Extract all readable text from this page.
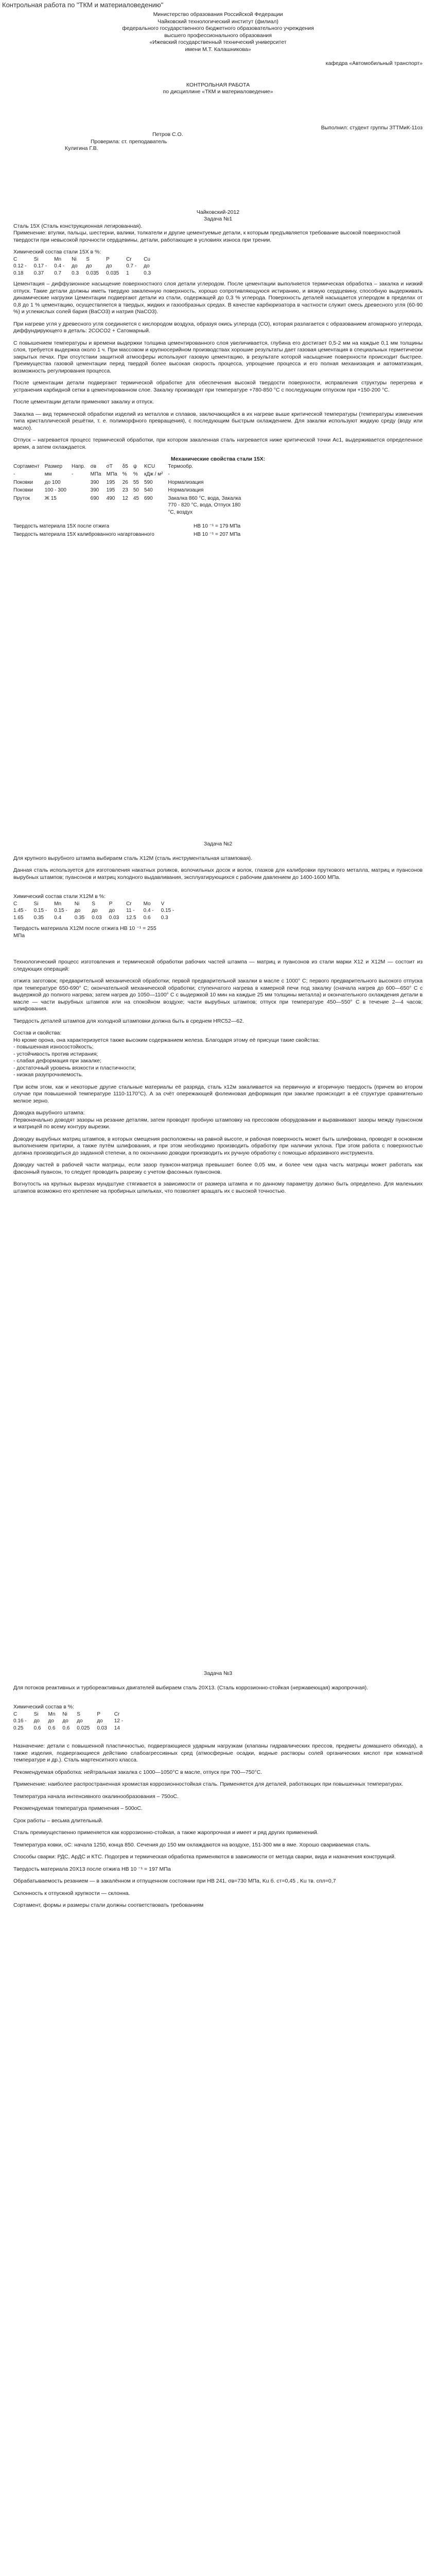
Контрольная работа по "ТКМ и материаловедению"
Министерство образования Российской Федерации
Чайковский технологический институт (филиал)
федерального государственного бюджетного образовательного учреждения
высшего профессионального образования
«Ижевский государственный технический университет
имени М.Т. Калашникова»
кафедра «Автомобильный транспорт»
КОНТРОЛЬНАЯ РАБОТА
по дисциплине «ТКМ и материаловедение»
Выполнил: студент группы ЗТТМиК-11оз
Петров С.О.
Проверила: ст. преподаватель
Кулигина Г.В.
Чайковский-2012
Задача №1
Сталь 15Х (Сталь конструкционная легированная).
Применение: втулки, пальцы, шестерни, валики, толкатели и другие цементуемые детали, к которым предъявляется требование высокой поверхностной твердости при невысокой прочности сердцевины, детали, работающие в условиях износа при трении.
Химический состав стали 15Х в %:
C	Si	Mn	Ni	S	P	Cr	Cu
0.12 -	0.17 -	0.4 -	до	до	до	0.7 -	до
0.18	0.37	0.7	0.3	0.035	0.035	1	0.3
Цементация – диффузионное насыщение поверхностного слоя детали углеродом. После цементации выполняется термическая обработка – закалка и низкий отпуск. Такие детали должны иметь твердую закаленную поверхность, хорошо сопротивляющуюся истиранию, и вязкую сердцевину, способную выдерживать динамические нагрузки Цементации подвергают детали из стали, содержащей до 0,3 % углерода. Поверхность деталей насыщается углеродом в пределах от 0,8 до 1 % цементацию, осуществляется в твердых, жидких и газообразных средах. В качестве карбюризатора в частности служит смесь древесного угля (60-90 %) и углекислых солей бария (BaCO3) и натрия (NaCO3).
При нагреве угля у древесного угля соединяется с кислородом воздуха, образуя окись углерода (CO), которая разлагается с образованием атомарного углерода, диффундирующего в деталь: 2COCO2 + Сатомарный.
С повышением температуры и времени выдержки толщина цементированного слоя увеличивается, глубина его достигает 0,5-2 мм на каждые 0,1 мм толщины слоя, требуется выдержка около 1 ч. При массовом и крупносерийном производствах хорошие результаты дает газовая цементация в специальных герметически закрытых печах. При отсутствии защитной атмосферы используют газовую цементацию, в результате которой насыщение поверхности происходит быстрее. Преимущества газовой цементации перед твердой более высокая скорость процесса, упрощение процесса и его полная механизация и автоматизация, возможность регулирования процесса.
После цементации детали подвергают термической обработке для обеспечения высокой твердости поверхности, исправления структуры перегрева и устранения карбидной сетки в цементированном слое. Закалку производят при температуре +780-850 °С с последующим отпуском при +150-200 °С.
После цементации детали применяют закалку и отпуск.
Закалка — вид термической обработки изделий из металлов и сплавов, заключающийся в их нагреве выше критической температуры (температуры изменения типа кристаллической решётки, т. е. полиморфного превращения), с последующим быстрым охлаждением. Для закалки используют жидкую среду (воду или масло).
Отпуск – нагревается процесс термической обработки, при котором закаленная сталь нагревается ниже критической точки Ac1, выдерживается определенное время, а затем охлаждается.
Механические свойства стали 15Х:
Сортамент	Размер	Напр.	σв	σT	δ5	ψ	KCU	Термообр.
-	мм	-	МПа	МПа	%	%	кДж / м²	-
Поковки	до 100		390	195	26	55	590	Нормализация
Поковки	100 - 300		390	195	23	50	540	Нормализация
Пруток	Ж 15		690	490	12	45	690	Закалка 860 °C, вода, Закалка 770 - 820 °C, вода, Отпуск 180 °C, воздух
Твердость материала 15Х после отжига	HB 10 ⁻¹ = 179 МПа
Твердость материала 15Х калиброванного нагартованного	HB 10 ⁻¹ = 207 МПа
Задача №2
Для крупного вырубного штампа выбираем сталь Х12М (сталь инструментальная штамповая).
Данная сталь используется для изготовления накатных роликов, волочильных досок и волок, глазков для калибровки пруткового металла, матриц и пуансонов вырубных штампов; пуансонов и матриц холодного выдавливания, эксплуатирующихся с рабочим давлением до 1400-1600 МПа.
Химический состав стали Х12М в %:
C	Si	Mn	Ni	S	P	Cr	Mo	V
1.45 -	0.15 -	0.15 -	до	до	до	11 -	0.4 -	0.15 -
1.65	0.35	0.4	0.35	0.03	0.03	12.5	0.6	0.3
Твердость материала Х12М после отжига HB 10 ⁻¹ = 255 МПа
Технологический процесс изготовления и термической обработки рабочих частей штампа — матриц и пуансонов из стали марки Х12 и Х12М — состоит из следующих операций:
отжига заготовок; предварительной механической обработки; первой предварительной закалки в масле с 1000° С; первого предварительного высокого отпуска при температуре 650-690° С; окончательной механической обработки; ступенчатого нагрева в камерной печи под закалку (сначала нагрев до 600—650° С с выдержкой до полного нагрева; затем нагрев до 1050—1100° С с выдержкой 10 мин на каждые 25 мм толщины металла) и окончательного охлаждения детали в масле — части вырубных штампов или на спокойном воздухе; части вырубных штампов; отпуск при температуре 450—550° С в течение 2—4 часов; шлифования.
Твердость деталей штампов для холодной штамповки должна быть в среднем HRC52—62.
Состав и свойства:
Но кроме орона, она характеризуется также высоким содержанием железа. Благодаря этому её присущи такие свойства:
- повышенная износостойкость;
- устойчивость против истирания;
- слабая деформация при закалке;
- достаточный уровень вязкости и пластичности;
- низкая разупрочняемость.
При всём этом, как и некоторые другие стальные материалы её разряда, сталь х12м закаливается на первичную и вторичную твердость (причем во втором случае при повышенной температуре 1110-1170°С). А за счёт опережающей фолеиновая деформация при закалке происходит в её структуре сравнительно мелкое зерно.
Доводка вырубного штампа:
Первоначально доводят зазоры на резание деталям, затем проводят пробную штамповку на прессовом оборудовании и выравнивают зазоры между пуансоном и матрицей по всему контуру вырезки.
Доводку вырубных матриц штампов, в которых смещения расположены на равной высоте, и рабочая поверхность может быть шлифована, проводят в основном выполнением притирки, а также путём шлифования, и при этом необходимо производить обработку при наличии уклона. При этом работа с поверхностью должна производиться до заданной степени, а по окончанию доводки производить их ручную обработку с помощью абразивного инструмента.
Доводку частей в рабочей части матрицы, если зазор пуансон-матрица превышает более 0,05 мм, и более чем одна часть матрицы может работать как фасонный пуансон, то следует проводить разрезку с учетом фасонных пуансонов.
Вогнутость на крупных вырезах мундштуке стягивается в зависимости от размера штампа и по данному параметру должно быть определено. Для маленьких штампов возможно его крепление на пробирных шпильках, что позволяет вращать их с высокой точностью.
Задача №3
Для потоков реактивных и турбореактивных двигателей выбираем сталь 20Х13. (Сталь коррозионно-стойкая (нержавеющая) жаропрочная).
Химический состав в %:
C	Si	Mn	Ni	S	P	Cr
0.16 -	до	до	до	до	до	12 -
0.25	0.6	0.6	0.6	0.025	0.03	14
Назначение: детали с повышенной пластичностью, подвергающиеся ударным нагрузкам (клапаны гидравлических прессов, предметы домашнего обихода), а также изделия, подвергающиеся действию слабоагрессивных сред (атмосферные осадки, водные растворы солей органических кислот при комнатной температуре и др.). Сталь мартенситного класса.
Рекомендуемая обработка: нейтральная закалка с 1000—1050°С в масле, отпуск при 700—750°С.
Применение: наиболее распространенная хромистая коррозионностойкая сталь. Применяется для деталей, работающих при повышенных температурах.
Температура начала интенсивного окалинообразования – 750оС.
Рекомендуемая температура применения – 500оС.
Срок работы – весьма длительный.
Сталь преимущественно применяется как коррозионно-стойкая, а также жаропрочная и имеет и ряд других применений.
Температура ковки, оС: начала 1250, конца 850. Сечения до 150 мм охлаждаются на воздухе, 151-300 мм в яме. Хорошо свариваемая сталь.
Способы сварки: РДС, АрДС и КТС. Подогрев и термическая обработка применяются в зависимости от метода сварки, вида и назначения конструкций.
Твердость материала 20Х13 после отжига HB 10 ⁻¹ = 197 МПа
Обрабатываемость резанием — в закалённом и отпущенном состоянии при НВ 241, σв=730 МПа, Ku б. ст=0,45 , Ku тв. спл=0,7
Склонность к отпускной хрупкости — склонна.
Сортамент, формы и размеры стали должны соответствовать требованиям
